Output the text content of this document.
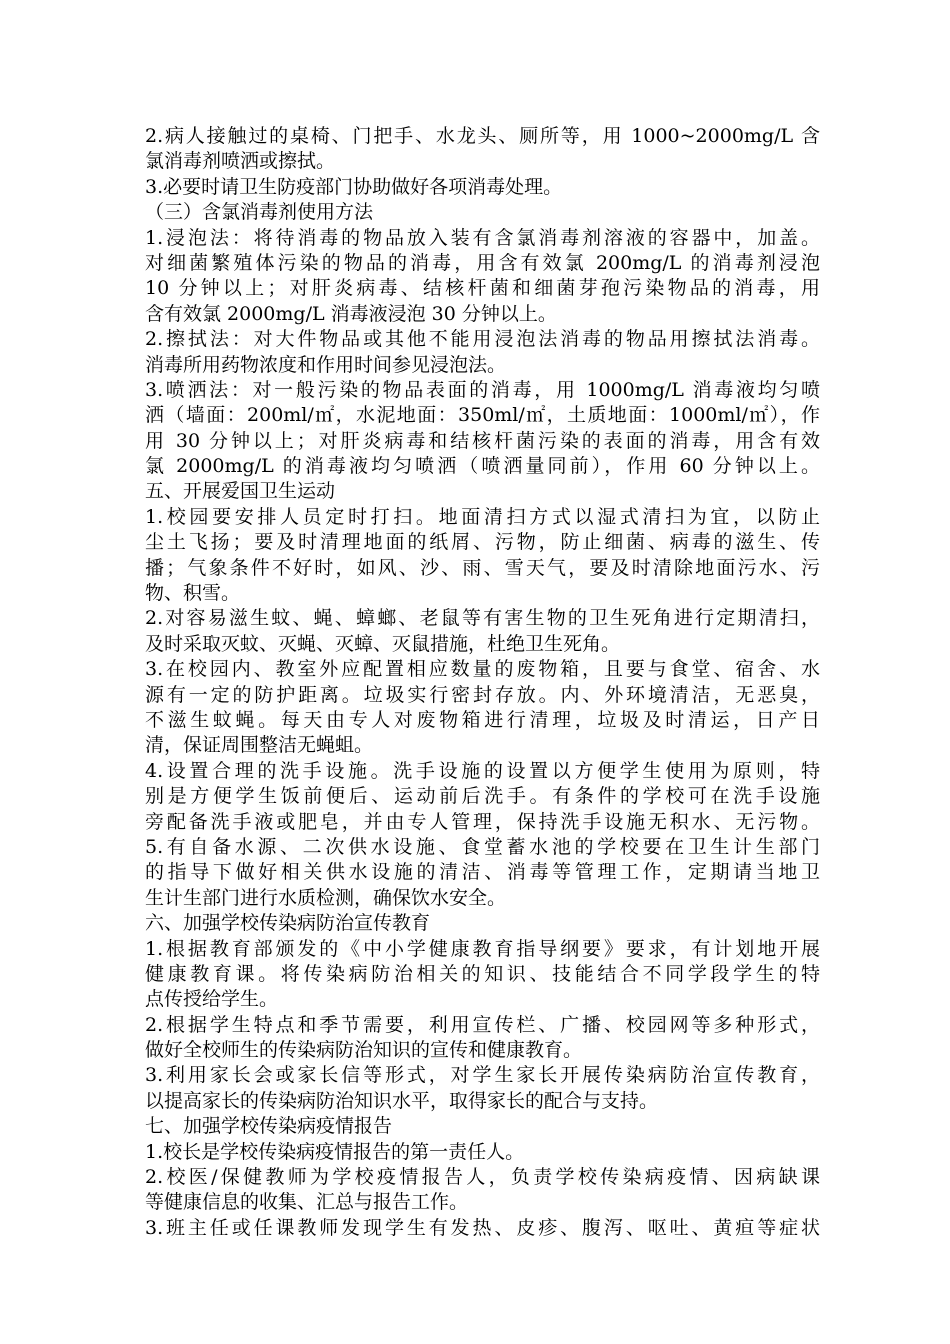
2.病人接触过的桌椅、门把手、水龙头、厕所等，用 1000~2000mg/L 含
氯消毒剂喷洒或擦拭。
3.必要时请卫生防疫部门协助做好各项消毒处理。
（三）含氯消毒剂使用方法
1.浸泡法：将待消毒的物品放入装有含氯消毒剂溶液的容器中，加盖。
对细菌繁殖体污染的物品的消毒，用含有效氯 200mg/L 的消毒剂浸泡
10 分钟以上；对肝炎病毒、结核杆菌和细菌芽孢污染物品的消毒，用
含有效氯 2000mg/L 消毒液浸泡 30 分钟以上。
2.擦拭法：对大件物品或其他不能用浸泡法消毒的物品用擦拭法消毒。
消毒所用药物浓度和作用时间参见浸泡法。
3.喷洒法：对一般污染的物品表面的消毒，用 1000mg/L 消毒液均匀喷
洒（墙面：200ml/㎡，水泥地面：350ml/㎡，土质地面：1000ml/㎡），作
用 30 分钟以上；对肝炎病毒和结核杆菌污染的表面的消毒，用含有效
氯 2000mg/L 的消毒液均匀喷洒（喷洒量同前），作用 60 分钟以上。
五、开展爱国卫生运动
1.校园要安排人员定时打扫。地面清扫方式以湿式清扫为宜，以防止
尘土飞扬；要及时清理地面的纸屑、污物，防止细菌、病毒的滋生、传
播；气象条件不好时，如风、沙、雨、雪天气，要及时清除地面污水、污
物、积雪。
2.对容易滋生蚊、蝇、蟑螂、老鼠等有害生物的卫生死角进行定期清扫，
及时采取灭蚊、灭蝇、灭蟑、灭鼠措施，杜绝卫生死角。
3.在校园内、教室外应配置相应数量的废物箱，且要与食堂、宿舍、水
源有一定的防护距离。垃圾实行密封存放。内、外环境清洁，无恶臭，
不滋生蚊蝇。每天由专人对废物箱进行清理，垃圾及时清运，日产日
清，保证周围整洁无蝇蛆。
4.设置合理的洗手设施。洗手设施的设置以方便学生使用为原则，特
别是方便学生饭前便后、运动前后洗手。有条件的学校可在洗手设施
旁配备洗手液或肥皂，并由专人管理，保持洗手设施无积水、无污物。
5.有自备水源、二次供水设施、食堂蓄水池的学校要在卫生计生部门
的指导下做好相关供水设施的清洁、消毒等管理工作，定期请当地卫
生计生部门进行水质检测，确保饮水安全。
六、加强学校传染病防治宣传教育
1.根据教育部颁发的《中小学健康教育指导纲要》要求，有计划地开展
健康教育课。将传染病防治相关的知识、技能结合不同学段学生的特
点传授给学生。
2.根据学生特点和季节需要，利用宣传栏、广播、校园网等多种形式，
做好全校师生的传染病防治知识的宣传和健康教育。
3.利用家长会或家长信等形式，对学生家长开展传染病防治宣传教育，
以提高家长的传染病防治知识水平，取得家长的配合与支持。
七、加强学校传染病疫情报告
1.校长是学校传染病疫情报告的第一责任人。
2.校医/保健教师为学校疫情报告人，负责学校传染病疫情、因病缺课
等健康信息的收集、汇总与报告工作。
3.班主任或任课教师发现学生有发热、皮疹、腹泻、呕吐、黄疸等症状
